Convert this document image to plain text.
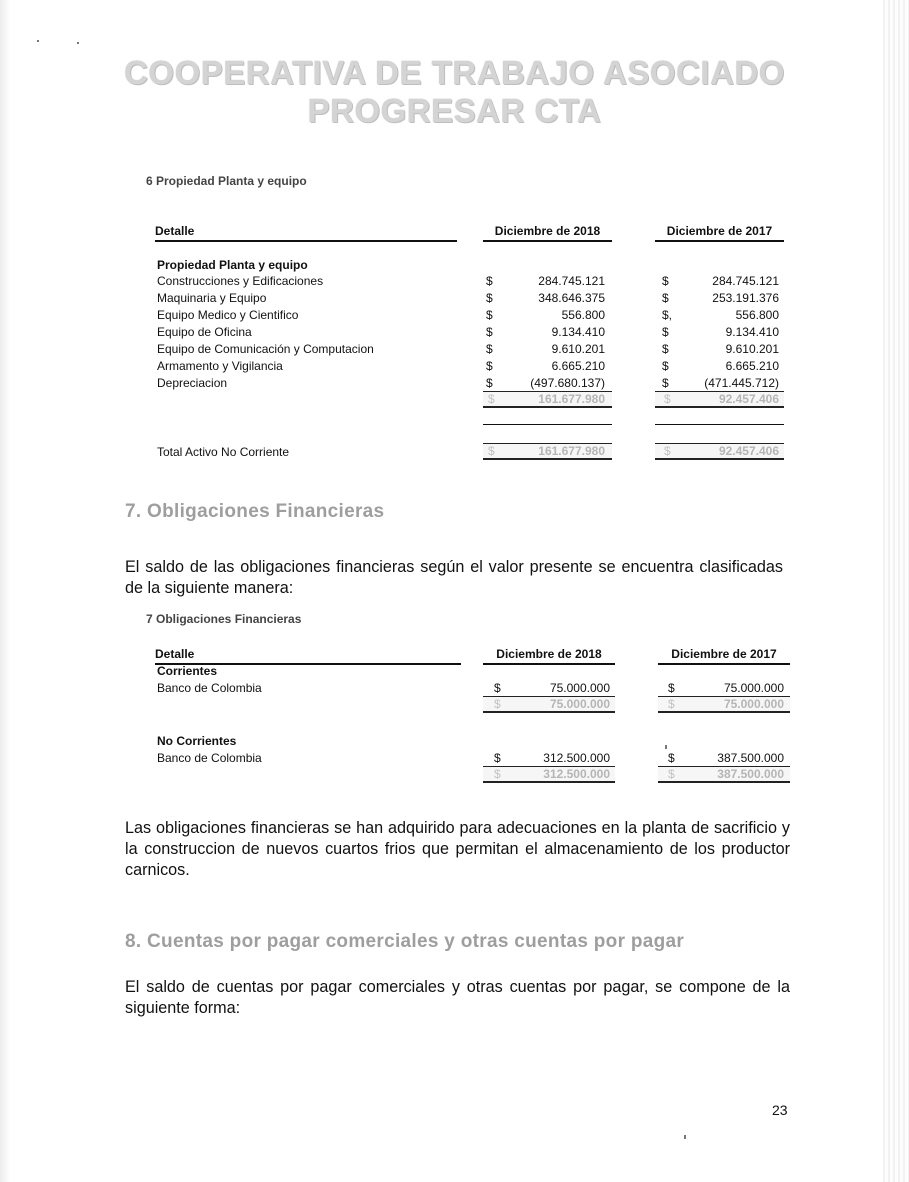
COOPERATIVA DE TRABAJO ASOCIADO
PROGRESAR CTA
6 Propiedad Planta y equipo
Detalle	Diciembre de 2018	Diciembre de 2017
Propiedad Planta y equipo
Construcciones y Edificaciones	$	284.745.121	$	284.745.121
Maquinaria y Equipo	$	348.646.375	$	253.191.376
Equipo Medico y Cientifico	$	556.800	$,	556.800
Equipo de Oficina	$	9.134.410	$	9.134.410
Equipo de Comunicación y Computacion	$	9.610.201	$	9.610.201
Armamento y Vigilancia	$	6.665.210	$	6.665.210
Depreciacion	$	(497.680.137)	$	(471.445.712)
$	161.677.980	$	92.457.406
Total Activo No Corriente	$	161.677.980	$	92.457.406
7. Obligaciones Financieras
El saldo de las obligaciones financieras según el valor presente se encuentra clasificadas de la siguiente manera:
7 Obligaciones Financieras
Detalle	Diciembre de 2018	Diciembre de 2017
Corrientes
Banco de Colombia	$	75.000.000	$	75.000.000
$	75.000.000	$	75.000.000
No Corrientes
Banco de Colombia	$	312.500.000	$	387.500.000
$	312.500.000	$	387.500.000
Las obligaciones financieras se han adquirido para adecuaciones en la planta de sacrificio y la construccion de nuevos cuartos frios que permitan el almacenamiento de los productor carnicos.
8. Cuentas por pagar comerciales y otras cuentas por pagar
El saldo de cuentas por pagar comerciales y otras cuentas por pagar, se compone de la siguiente forma:
23
